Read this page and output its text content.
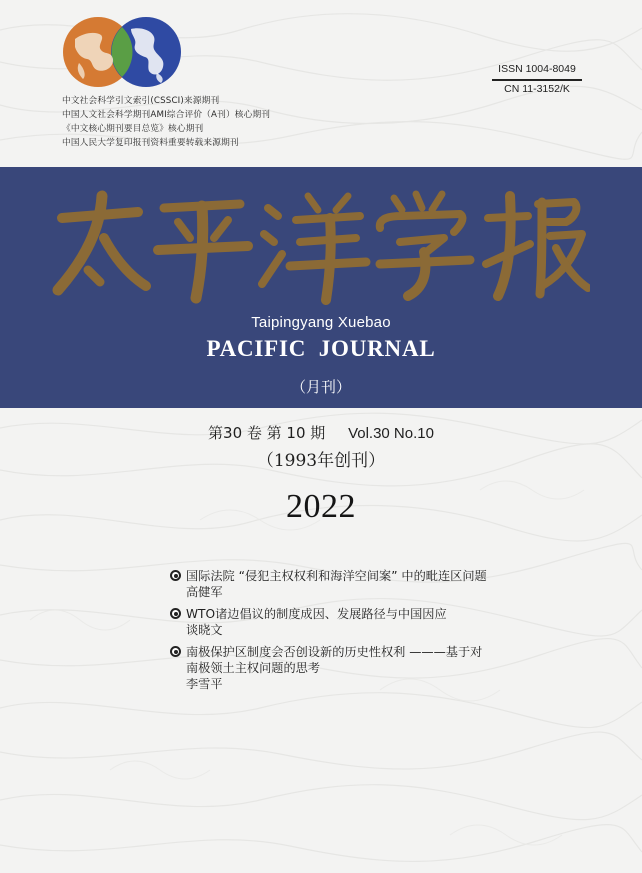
中文社会科学引文索引(CSSCI)来源期刊
中国人文社会科学期刊AMI综合评价（A刊）核心期刊
《中文核心期刊要目总览》核心期刊
中国人民大学复印报刊资料重要转载来源期刊
ISSN 1004-8049
CN 11-3152/K
Taipingyang Xuebao
PACIFIC JOURNAL
（月刊）
第30 卷 第 10 期 Vol.30 No.10
（1993年创刊）
2022
国际法院 “侵犯主权权利和海洋空间案” 中的毗连区问题
高健军
WTO诸边倡议的制度成因、发展路径与中国因应
谈晓文
南极保护区制度会否创设新的历史性权利 ———基于对
南极领土主权问题的思考
李雪平
